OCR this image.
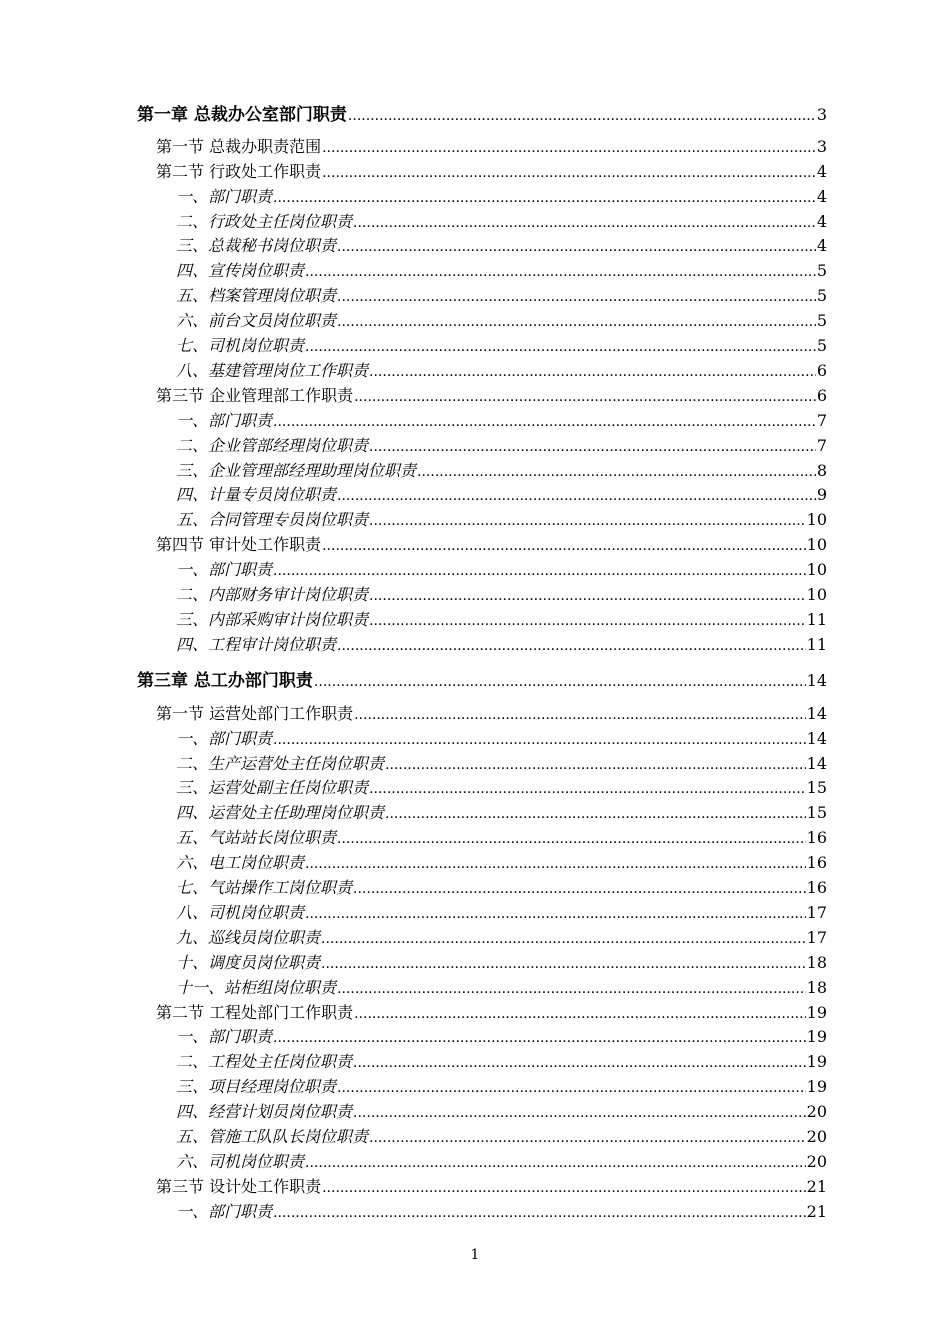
第一章 总裁办公室部门职责 .....	3
第一节 总裁办职责范围 .....	3
第二节 行政处工作职责 .....	4
一、部门职责 .....	4
二、行政处主任岗位职责 .....	4
三、总裁秘书岗位职责 .....	4
四、宣传岗位职责 .....	5
五、档案管理岗位职责 .....	5
六、前台文员岗位职责 .....	5
七、司机岗位职责 .....	5
八、基建管理岗位工作职责 .....	6
第三节 企业管理部工作职责 .....	6
一、部门职责 .....	7
二、企业管部经理岗位职责 .....	7
三、企业管理部经理助理岗位职责 .....	8
四、计量专员岗位职责 .....	9
五、合同管理专员岗位职责 .....	10
第四节 审计处工作职责 .....	10
一、部门职责 .....	10
二、内部财务审计岗位职责 .....	10
三、内部采购审计岗位职责 .....	11
四、工程审计岗位职责 .....	11
第三章 总工办部门职责 .....	14
第一节 运营处部门工作职责 .....	14
一、部门职责 .....	14
二、生产运营处主任岗位职责 .....	14
三、运营处副主任岗位职责 .....	15
四、运营处主任助理岗位职责 .....	15
五、气站站长岗位职责 .....	16
六、电工岗位职责 .....	16
七、气站操作工岗位职责 .....	16
八、司机岗位职责 .....	17
九、巡线员岗位职责 .....	17
十、调度员岗位职责 .....	18
十一、站柜组岗位职责 .....	18
第二节 工程处部门工作职责 .....	19
一、部门职责 .....	19
二、工程处主任岗位职责 .....	19
三、项目经理岗位职责 .....	19
四、经营计划员岗位职责 .....	20
五、管施工队队长岗位职责 .....	20
六、司机岗位职责 .....	20
第三节 设计处工作职责 .....	21
一、部门职责 .....	21
1
